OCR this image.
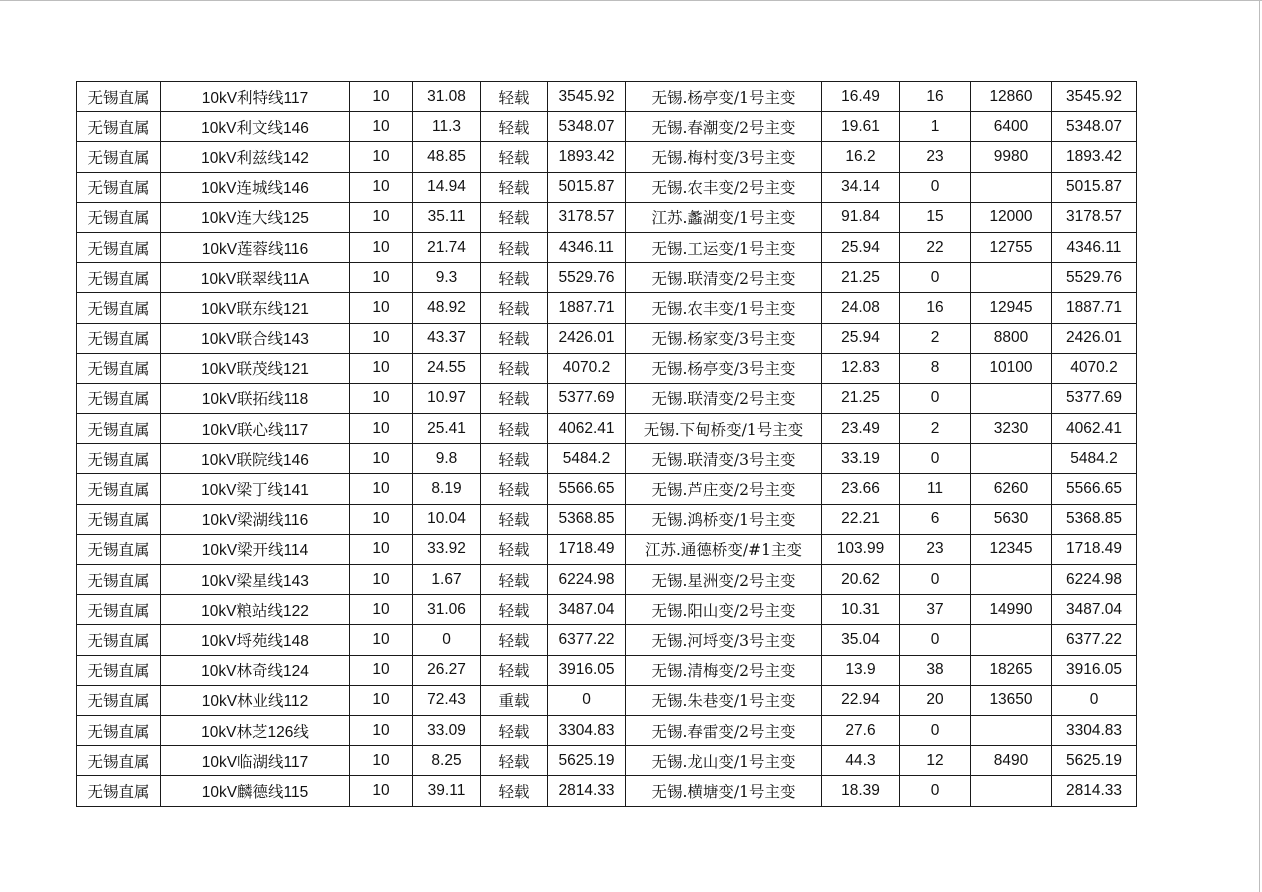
无锡直属	10kV利特线117	10	31.08	轻载	3545.92	无锡.杨亭变/1号主变	16.49	16	12860	3545.92
无锡直属	10kV利文线146	10	11.3	轻载	5348.07	无锡.春潮变/2号主变	19.61	1	6400	5348.07
无锡直属	10kV利兹线142	10	48.85	轻载	1893.42	无锡.梅村变/3号主变	16.2	23	9980	1893.42
无锡直属	10kV连城线146	10	14.94	轻载	5015.87	无锡.农丰变/2号主变	34.14	0		5015.87
无锡直属	10kV连大线125	10	35.11	轻载	3178.57	江苏.蠡湖变/1号主变	91.84	15	12000	3178.57
无锡直属	10kV莲蓉线116	10	21.74	轻载	4346.11	无锡.工运变/1号主变	25.94	22	12755	4346.11
无锡直属	10kV联翠线11A	10	9.3	轻载	5529.76	无锡.联清变/2号主变	21.25	0		5529.76
无锡直属	10kV联东线121	10	48.92	轻载	1887.71	无锡.农丰变/1号主变	24.08	16	12945	1887.71
无锡直属	10kV联合线143	10	43.37	轻载	2426.01	无锡.杨家变/3号主变	25.94	2	8800	2426.01
无锡直属	10kV联茂线121	10	24.55	轻载	4070.2	无锡.杨亭变/3号主变	12.83	8	10100	4070.2
无锡直属	10kV联拓线118	10	10.97	轻载	5377.69	无锡.联清变/2号主变	21.25	0		5377.69
无锡直属	10kV联心线117	10	25.41	轻载	4062.41	无锡.下甸桥变/1号主变	23.49	2	3230	4062.41
无锡直属	10kV联院线146	10	9.8	轻载	5484.2	无锡.联清变/3号主变	33.19	0		5484.2
无锡直属	10kV梁丁线141	10	8.19	轻载	5566.65	无锡.芦庄变/2号主变	23.66	11	6260	5566.65
无锡直属	10kV梁湖线116	10	10.04	轻载	5368.85	无锡.鸿桥变/1号主变	22.21	6	5630	5368.85
无锡直属	10kV梁开线114	10	33.92	轻载	1718.49	江苏.通德桥变/#1主变	103.99	23	12345	1718.49
无锡直属	10kV梁星线143	10	1.67	轻载	6224.98	无锡.星洲变/2号主变	20.62	0		6224.98
无锡直属	10kV粮站线122	10	31.06	轻载	3487.04	无锡.阳山变/2号主变	10.31	37	14990	3487.04
无锡直属	10kV埒苑线148	10	0	轻载	6377.22	无锡.河埒变/3号主变	35.04	0		6377.22
无锡直属	10kV林奇线124	10	26.27	轻载	3916.05	无锡.清梅变/2号主变	13.9	38	18265	3916.05
无锡直属	10kV林业线112	10	72.43	重载	0	无锡.朱巷变/1号主变	22.94	20	13650	0
无锡直属	10kV林芝126线	10	33.09	轻载	3304.83	无锡.春雷变/2号主变	27.6	0		3304.83
无锡直属	10kV临湖线117	10	8.25	轻载	5625.19	无锡.龙山变/1号主变	44.3	12	8490	5625.19
无锡直属	10kV麟德线115	10	39.11	轻载	2814.33	无锡.横塘变/1号主变	18.39	0		2814.33
